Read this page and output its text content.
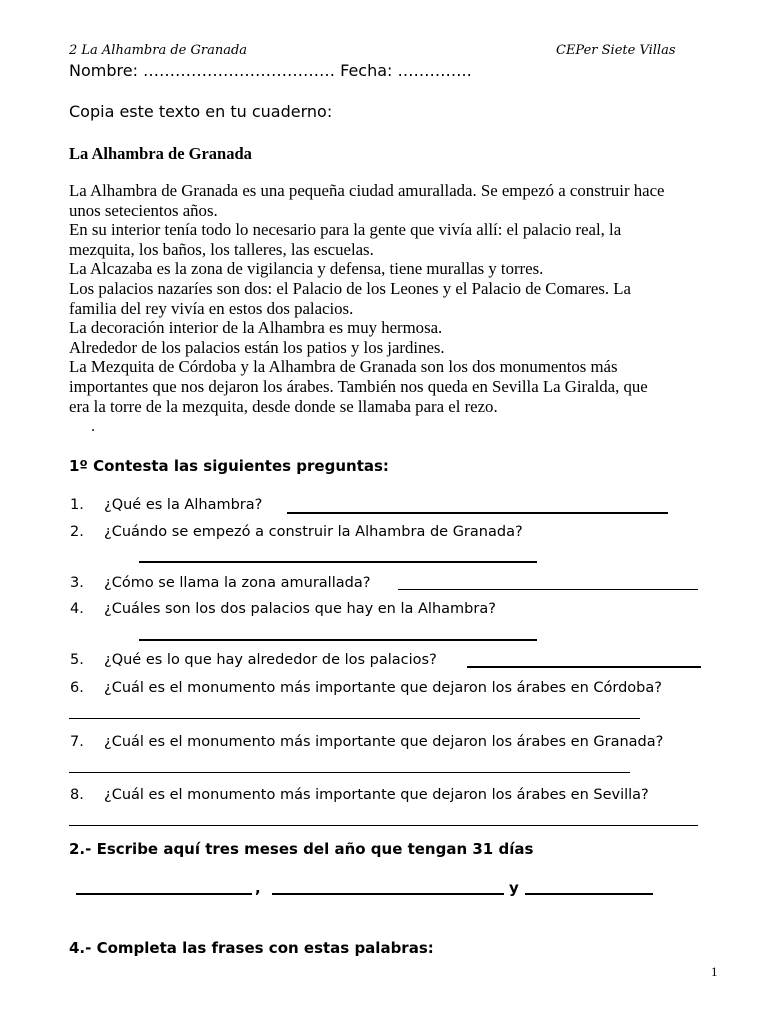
2 La Alhambra de Granada	CEPer Siete Villas
Nombre: ……………………………… Fecha: …………..
Copia este texto en tu cuaderno:
La Alhambra de Granada
La Alhambra de Granada es una pequeña ciudad amurallada. Se empezó a construir hace
unos setecientos años.
En su interior tenía todo lo necesario para la gente que vivía allí: el palacio real, la
mezquita, los baños, los talleres, las escuelas.
La Alcazaba es la zona de vigilancia y defensa, tiene murallas y torres.
Los palacios nazaríes son dos: el Palacio de los Leones y el Palacio de Comares. La
familia del rey vivía en estos dos palacios.
La decoración interior de la Alhambra es muy hermosa.
Alrededor de los palacios están los patios y los jardines.
La Mezquita de Córdoba y la Alhambra de Granada son los dos monumentos más
importantes que nos dejaron los árabes. También nos queda en Sevilla La Giralda, que
era la torre de la mezquita, desde donde se llamaba para el rezo.
.
1º Contesta las siguientes preguntas:
1. ¿Qué es la Alhambra?
2. ¿Cuándo se empezó a construir la Alhambra de Granada?
3. ¿Cómo se llama la zona amurallada?
4. ¿Cuáles son los dos palacios que hay en la Alhambra?
5. ¿Qué es lo que hay alrededor de los palacios?
6. ¿Cuál es el monumento más importante que dejaron los árabes en Córdoba?
7. ¿Cuál es el monumento más importante que dejaron los árabes en Granada?
8. ¿Cuál es el monumento más importante que dejaron los árabes en Sevilla?
2.- Escribe aquí tres meses del año que tengan 31 días
,	y
4.- Completa las frases con estas palabras:
1
